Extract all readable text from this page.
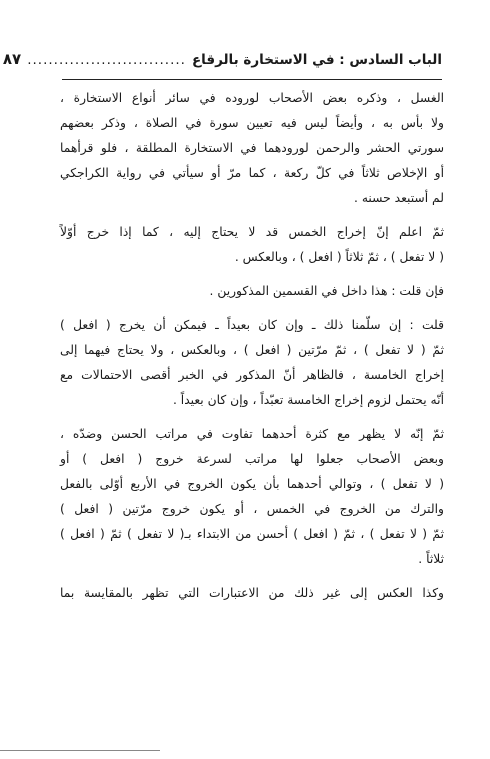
الباب السادس : في الاستخارة بالرقاع
..............................
٨٧
الغسل ، وذكره بعض الأصحاب لوروده في سائر أنواع الاستخارة ،
ولا بأس به ، وأيضاً ليس فيه تعيين سورة في الصلاة ، وذكر بعضهم
سورتي الحشر والرحمن لورودهما في الاستخارة المطلقة ، فلو قرأهما
أو الإخلاص ثلاثاً في كلّ ركعة ، كما مرّ أو سيأتي في رواية الكراجكي
لم أستبعد حسنه .
ثمّ اعلم إنّ إخراج الخمس قد لا يحتاج إليه ، كما إذا خرج أوّلاً
( لا تفعل ) ، ثمّ ثلاثاً ( افعل ) ، وبالعكس .
فإن قلت : هذا داخل في القسمين المذكورين .
قلت : إن سلّمنا ذلك ـ وإن كان بعيداً ـ فيمكن أن يخرج ( افعل )
ثمّ ( لا تفعل ) ، ثمّ مرّتين ( افعل ) ، وبالعكس ، ولا يحتاج فيهما إلى
إخراج الخامسة ، فالظاهر أنّ المذكور في الخبر أقصى الاحتمالات مع
أنّه يحتمل لزوم إخراج الخامسة تعبّداً ، وإن كان بعيداً .
ثمّ إنّه لا يظهر مع كثرة أحدهما تفاوت في مراتب الحسن وضدّه ،
وبعض الأصحاب جعلوا لها مراتب لسرعة خروج ( افعل ) أو
( لا تفعل ) ، وتوالي أحدهما بأن يكون الخروج في الأربع أوّلى بالفعل
والترك من الخروج في الخمس ، أو يكون خروج مرّتين ( افعل )
ثمّ ( لا تفعل ) ، ثمّ ( افعل ) أحسن من الابتداء بـ( لا تفعل ) ثمّ ( افعل )
ثلاثاً .
وكذا العكس إلى غير ذلك من الاعتبارات التي تظهر بالمقايسة بما
